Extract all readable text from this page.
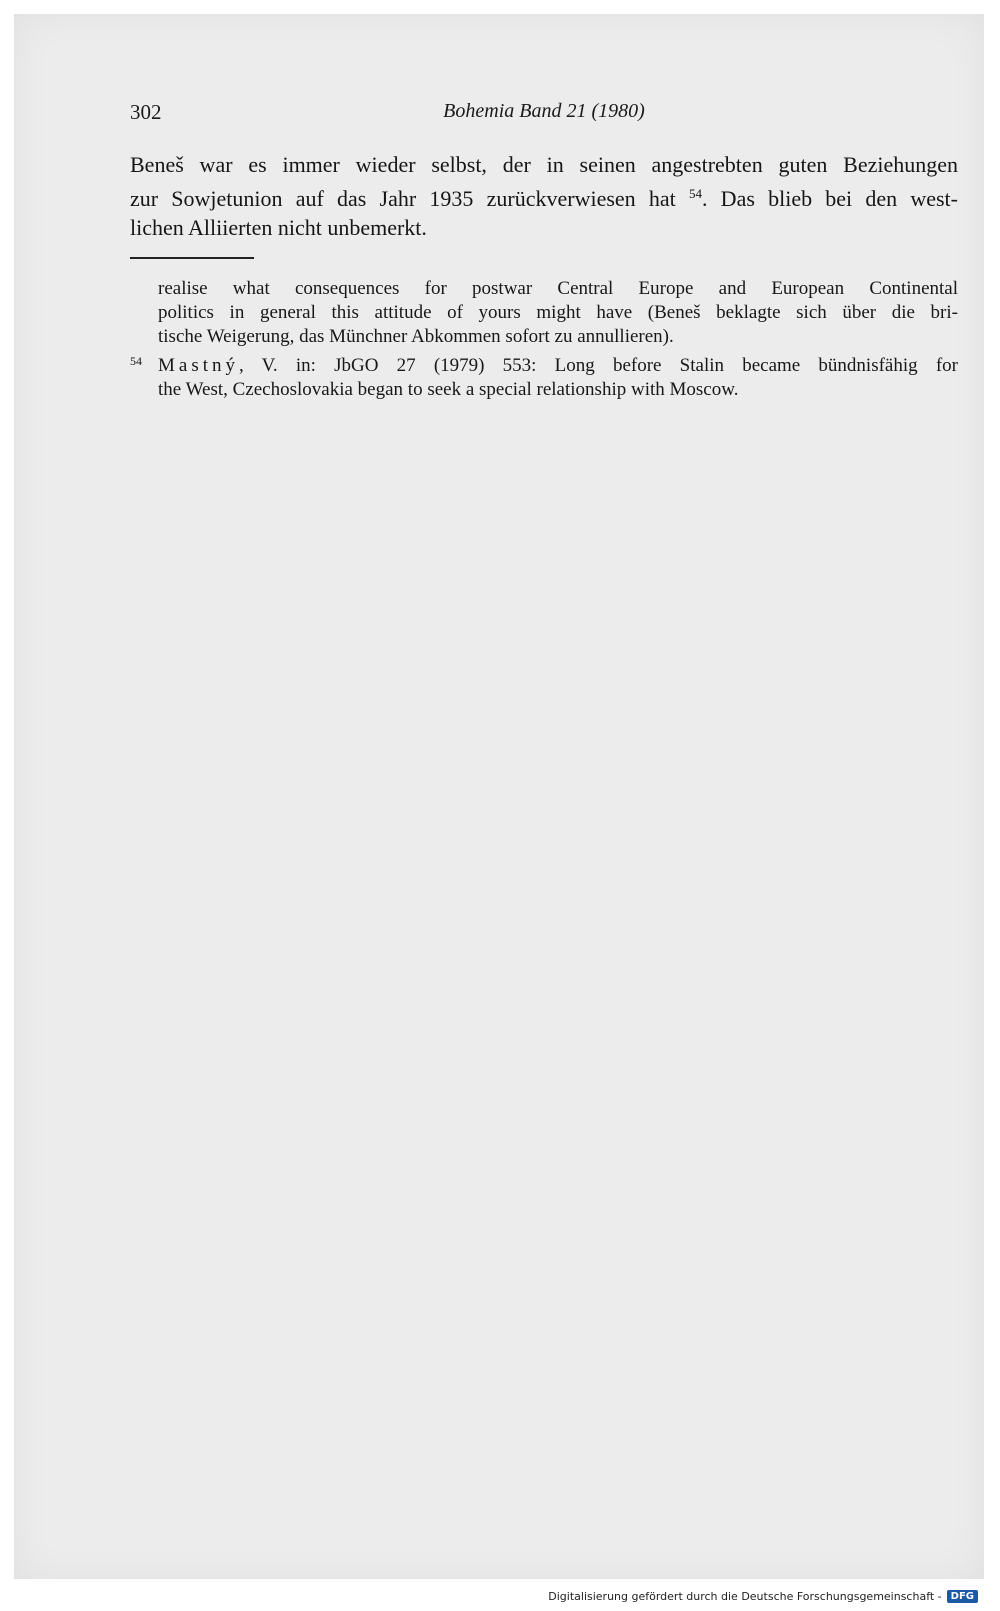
302	Bohemia Band 21 (1980)
Beneš war es immer wieder selbst, der in seinen angestrebten guten Beziehungen
zur Sowjetunion auf das Jahr 1935 zurückverwiesen hat $^{54}$. Das blieb bei den west-
lichen Alliierten nicht unbemerkt.
realise what consequences for postwar Central Europe and European Continental
politics in general this attitude of yours might have (Beneš beklagte sich über die bri-
tische Weigerung, das Münchner Abkommen sofort zu annullieren).
54 Mastný, V. in: JbGO 27 (1979) 553: Long before Stalin became bündnisfähig for
the West, Czechoslovakia began to seek a special relationship with Moscow.
Digitalisierung gefördert durch die Deutsche Forschungsgemeinschaft - DFG
